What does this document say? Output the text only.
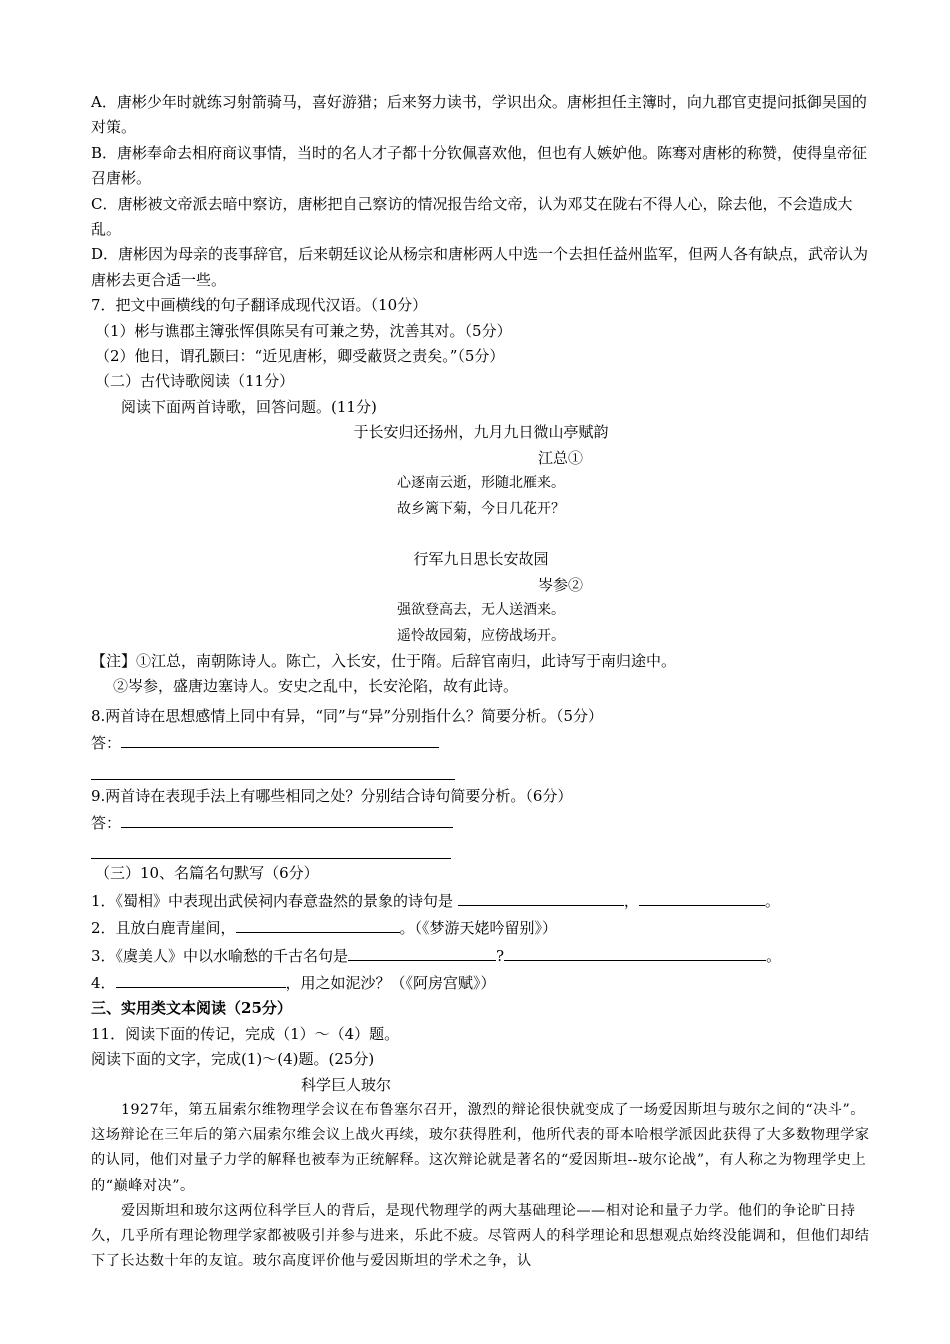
A．唐彬少年时就练习射箭骑马，喜好游猎；后来努力读书，学识出众。唐彬担任主簿时，向九郡官吏提问抵御吴国的对策。

B．唐彬奉命去相府商议事情，当时的名人才子都十分钦佩喜欢他，但也有人嫉妒他。陈骞对唐彬的称赞，使得皇帝征召唐彬。

C．唐彬被文帝派去暗中察访，唐彬把自己察访的情况报告给文帝，认为邓艾在陇右不得人心，除去他，不会造成大乱。

D．唐彬因为母亲的丧事辞官，后来朝廷议论从杨宗和唐彬两人中选一个去担任益州监军，但两人各有缺点，武帝认为唐彬去更合适一些。

7．把文中画横线的句子翻译成现代汉语。（10分）

（1）彬与谯郡主簿张恽俱陈吴有可兼之势，沈善其对。（5分）

（2）他日，谓孔颢曰：“近见唐彬，卿受蔽贤之责矣。”（5分）

（二）古代诗歌阅读（11分）

阅读下面两首诗歌，回答问题。(11分)

于长安归还扬州，九月九日微山亭赋韵

江总①

心逐南云逝，形随北雁来。

故乡篱下菊，今日几花开？

行军九日思长安故园

岑参②

强欲登高去，无人送酒来。

遥怜故园菊，应傍战场开。

【注】①江总，南朝陈诗人。陈亡，入长安，仕于隋。后辞官南归，此诗写于南归途中。

②岑参，盛唐边塞诗人。安史之乱中，长安沦陷，故有此诗。

8.两首诗在思想感情上同中有异，“同”与“异”分别指什么？简要分析。（5分）

答：

9.两首诗在表现手法上有哪些相同之处？分别结合诗句简要分析。（6分）

答：

（三）10、名篇名句默写（6分）

1．《蜀相》中表现出武侯祠内春意盎然的景象的诗句是	，	。

2．且放白鹿青崖间，	。（《梦游天姥吟留别》）

3．《虞美人》中以水喻愁的千古名句是	?	。

4．	，用之如泥沙？（《阿房宫赋》）

三、实用类文本阅读（25分）

11．阅读下面的传记，完成（1）～（4）题。

阅读下面的文字，完成(1)～(4)题。(25分)

科学巨人玻尔

1927年，第五届索尔维物理学会议在布鲁塞尔召开，激烈的辩论很快就变成了一场爱因斯坦与玻尔之间的“决斗”。这场辩论在三年后的第六届索尔维会议上战火再续，玻尔获得胜利，他所代表的哥本哈根学派因此获得了大多数物理学家的认同，他们对量子力学的解释也被奉为正统解释。这次辩论就是著名的“爱因斯坦--玻尔论战”，有人称之为物理学史上的“巅峰对决”。

爱因斯坦和玻尔这两位科学巨人的背后，是现代物理学的两大基础理论——相对论和量子力学。他们的争论旷日持久，几乎所有理论物理学家都被吸引并参与进来，乐此不疲。尽管两人的科学理论和思想观点始终没能调和，但他们却结下了长达数十年的友谊。玻尔高度评价他与爱因斯坦的学术之争，认
